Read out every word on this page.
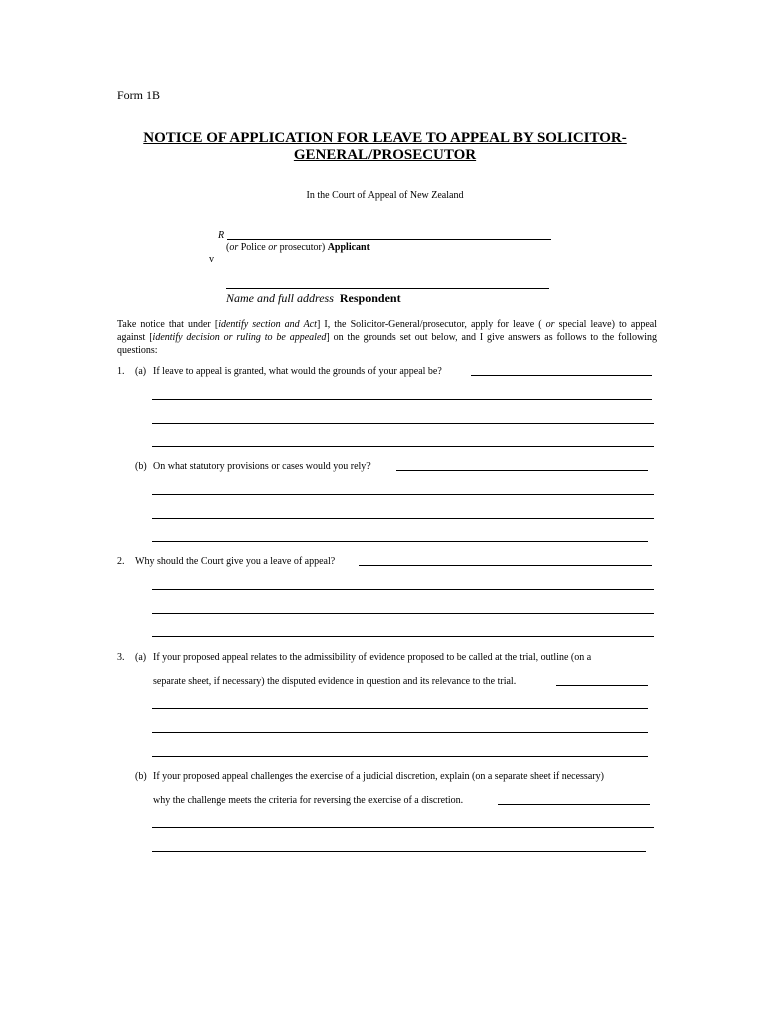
Form 1B
NOTICE OF APPLICATION FOR LEAVE TO APPEAL BY SOLICITOR-
GENERAL/PROSECUTOR
In the Court of Appeal of New Zealand
R
(or Police or prosecutor) Applicant
v
Name and full address Respondent
Take notice that under [identify section and Act] I, the Solicitor-General/prosecutor, apply for leave ( or special leave) to appeal against [identify decision or ruling to be appealed] on the grounds set out below, and I give answers as follows to the following questions:
1. (a) If leave to appeal is granted, what would the grounds of your appeal be?
(b) On what statutory provisions or cases would you rely?
2. Why should the Court give you a leave of appeal?
3. (a) If your proposed appeal relates to the admissibility of evidence proposed to be called at the trial, outline (on a
separate sheet, if necessary) the disputed evidence in question and its relevance to the trial.
(b) If your proposed appeal challenges the exercise of a judicial discretion, explain (on a separate sheet if necessary)
why the challenge meets the criteria for reversing the exercise of a discretion.
